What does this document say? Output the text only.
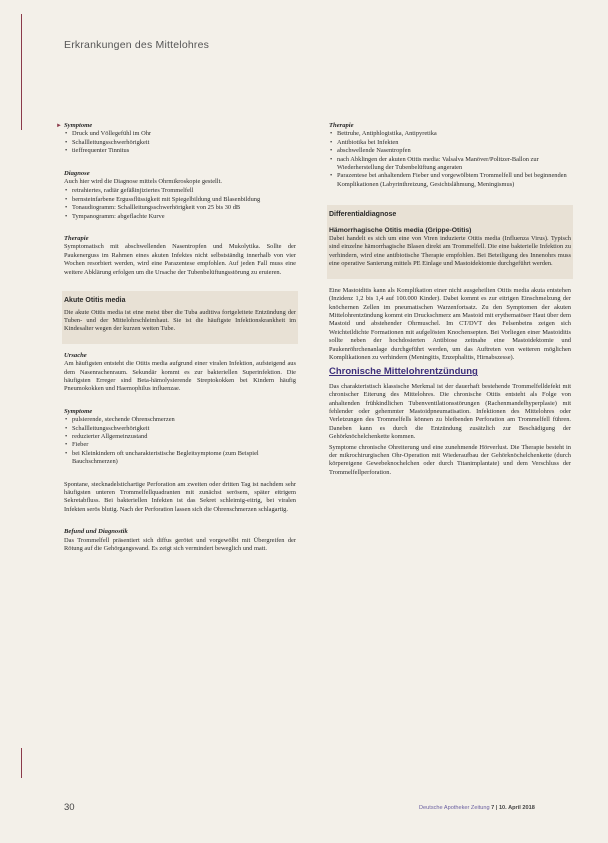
Erkrankungen des Mittelohres
► Symptome

• Druck und Völlegefühl im Ohr
• Schallleitungsschwerhörigkeit
• tieffrequenter Tinnitus

Diagnose

Auch hier wird die Diagnose mittels Ohrmikroskopie gestellt.

• retrahiertes, radiär gefäßinjiziertes Trommelfell
• bernsteinfarbene Ergussflüssigkeit mit Spiegelbildung und Blasenbildung
• Tonaudiogramm: Schallleitungsschwerhörigkeit von 25 bis 30 dB
• Tympanogramm: abgeflachte Kurve

Therapie

Symptomatisch mit abschwellenden Nasentropfen und Mukolytika. Sollte der Paukenerguss im Rahmen eines akuten Infektes nicht selbstständig innerhalb von vier Wochen resorbiert werden, wird eine Parazentese empfohlen. Auf jeden Fall muss eine weitere Abklärung erfolgen um die Ursache der Tubenbelüftungsstörung zu eruieren.

Akute Otitis media

Die akute Otitis media ist eine meist über die Tuba auditiva fortgeleitete Entzündung der Tuben- und der Mittelohrschleimhaut. Sie ist die häufigste Infektionskrankheit im Kindesalter wegen der kurzen weiten Tube.

Ursache

Am häufigsten entsteht die Otitis media aufgrund einer viralen Infektion, aufsteigend aus dem Nasenrachenraum. Sekundär kommt es zur bakteriellen Superinfektion. Die häufigsten Erreger sind Beta-hämolysierende Streptokokken bei Kindern häufig Pneumokokken und Haemophilus influenzae.

Symptome

• pulsierende, stechende Ohrenschmerzen
• Schallleitungsschwerhörigkeit
• reduzierter Allgemeinzustand
• Fieber
• bei Kleinkindern oft uncharakteristische Begleitsymptome (zum Beispiel Bauchschmerzen)

Spontane, stecknadelstichartige Perforation am zweiten oder dritten Tag ist nachdem sehr häufigsten unteren Trommelfellquadranten mit zunächst serösem, später eitrigem Sekretabfluss. Bei bakteriellen Infekten ist das Sekret schleimig-eitrig, bei viralen Infekten serös blutig. Nach der Perforation lassen sich die Ohrenschmerzen schlagartig.

Befund und Diagnostik

Das Trommelfell präsentiert sich diffus gerötet und vorgewölbt mit Übergreifen der Rötung auf die Gehörgangswand. Es zeigt sich vermindert beweglich und matt.

Therapie

• Bettruhe, Antiphlogistika, Antipyretika
• Antibiotika bei Infekten
• abschwellende Nasentropfen
• nach Abklingen der akuten Otitis media: Valsalva Manöver/Politzer-Ballon zur Wiederherstellung der Tubenbelüftung angeraten
• Parazentese bei anhaltendem Fieber und vorgewölbtem Trommelfell und bei beginnenden Komplikationen (Labyrinthreizung, Gesichtslähmung, Meningismus)

Differentialdiagnose

Hämorrhagische Otitis media (Grippe-Otitis)

Dabei handelt es sich um eine von Viren induzierte Otitis media (Influenza Virus). Typisch sind einzelne hämorrhagische Blasen direkt am Trommelfell. Die eine bakterielle Infektion zu verhindern, wird eine antibiotische Therapie empfohlen. Bei Beteiligung des Innenohrs muss eine operative Sanierung mittels PE Einlage und Mastoidektomie durchgeführt werden.

Eine Mastoiditis kann als Komplikation einer nicht ausgeheilten Otitis media akuta entstehen (Inzidenz 1,2 bis 1,4 auf 100.000 Kinder). Dabei kommt es zur eitrigen Einschmelzung der knöchernen Zellen im pneumatischen Warzenfortsatz. Zu den Symptomen der akuten Mittelohrentzündung kommt ein Druckschmerz am Mastoid mit erythematöser Haut über dem Mastoid und abstehender Ohrmuschel. Im CT/DVT des Felsenbeins zeigen sich Weichteildichte Formationen mit aufgelösten Knochensepten. Bei Vorliegen einer Mastoiditis sollte neben der hochdosierten Antibiose zeitnahe eine Mastoidektomie und Paukenröhrchenanlage durchgeführt werden, um das Auftreten von weiteren möglichen Komplikationen zu verhindern (Meningitis, Enzephalitis, Hirnabszesse).

Chronische Mittelohrentzündung

Das charakteristisch klassische Merkmal ist der dauerhaft bestehende Trommelfelldefekt mit chronischer Eiterung des Mittelohres. Die chronische Otitis entsteht als Folge von anhaltenden frühkindlichen Tubenventilationsstörungen (Rachenmandelhyperplasie) mit fehlender oder gehemmter Mastoidpneumatisation. Infektionen des Mittelohres oder Verletzungen des Trommelfells können zu bleibenden Perforation am Trommelfell führen. Daneben kann es durch die Entzündung zusätzlich zur Beschädigung der Gehörknöchelchenkette kommen.

Symptome chronische Ohreiterung und eine zunehmende Hörverlust. Die Therapie besteht in der mikrochirurgischen Ohr-Operation mit Wiederaufbau der Gehörknöchelchenkette (durch körpereigene Gewebeknochelchen oder durch Titanimplantate) und dem Verschluss der Trommelfellperforation.

30	Deutsche Apotheker Zeitung 7 | 10. April 2018
